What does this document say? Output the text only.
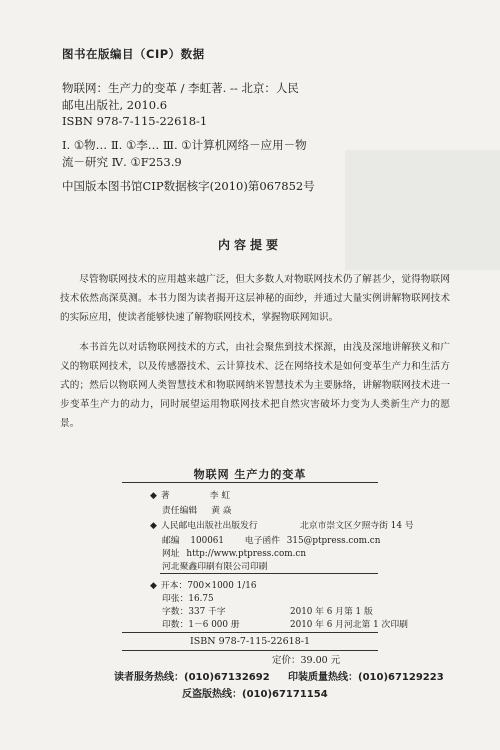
图书在版编目（CIP）数据
物联网：生产力的变革 / 李虹著. -- 北京：人民
邮电出版社, 2010.6
ISBN 978-7-115-22618-1
Ⅰ. ①物… Ⅱ. ①李… Ⅲ. ①计算机网络－应用－物
流－研究 Ⅳ. ①F253.9
中国版本图书馆CIP数据核字(2010)第067852号
内容提要

尽管物联网技术的应用越来越广泛，但大多数人对物联网技术仍了解甚少，觉得物联网技术依然高深莫测。本书力图为读者揭开这层神秘的面纱，并通过大量实例讲解物联网技术的实际应用，使读者能够快速了解物联网技术，掌握物联网知识。

本书首先以对话物联网技术的方式，由社会聚焦到技术探源，由浅及深地讲解狭义和广义的物联网技术，以及传感器技术、云计算技术、泛在网络技术是如何变革生产力和生活方式的；然后以物联网人类智慧技术和物联网纳米智慧技术为主要脉络，讲解物联网技术进一步变革生产力的动力，同时展望运用物联网技术把自然灾害破坏力变为人类新生产力的愿景。

物联网 生产力的变革
◆ 著	李 虹
责任编辑 黄 焱
◆ 人民邮电出版社出版发行	北京市崇文区夕照寺街 14 号
邮编 100061 电子函件 315@ptpress.com.cn
网址 http://www.ptpress.com.cn
河北聚鑫印刷有限公司印刷
◆ 开本：700×1000 1/16
印张：16.75
字数：337 千字	2010 年 6 月第 1 版
印数：1－6 000 册	2010 年 6 月河北第 1 次印刷
ISBN 978-7-115-22618-1
定价：39.00 元
读者服务热线：(010)67132692 印装质量热线：(010)67129223
反盗版热线：(010)67171154
